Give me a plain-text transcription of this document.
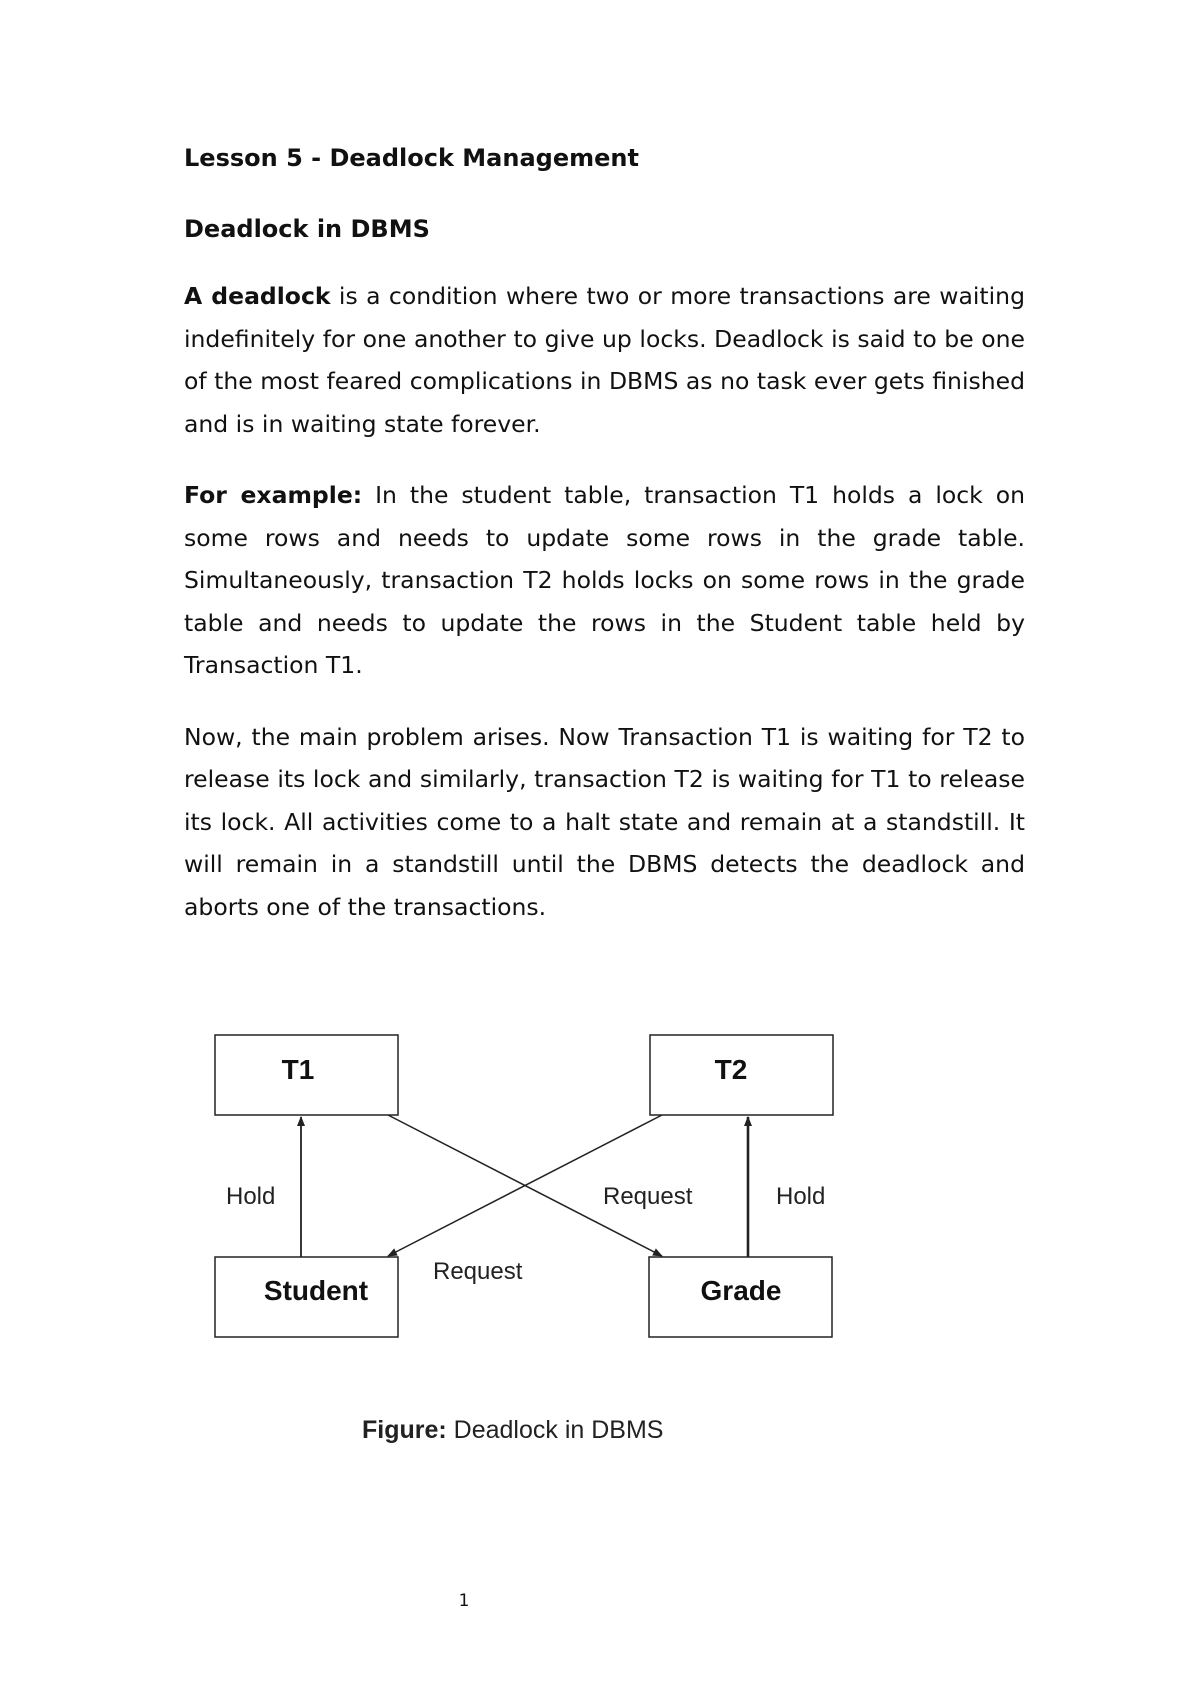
Lesson 5 - Deadlock Management
Deadlock in DBMS

A deadlock is a condition where two or more transactions are waiting indefinitely for one another to give up locks. Deadlock is said to be one of the most feared complications in DBMS as no task ever gets finished and is in waiting state forever.

For example: In the student table, transaction T1 holds a lock on some rows and needs to update some rows in the grade table. Simultaneously, transaction T2 holds locks on some rows in the grade table and needs to update the rows in the Student table held by Transaction T1.

Now, the main problem arises. Now Transaction T1 is waiting for T2 to release its lock and similarly, transaction T2 is waiting for T1 to release its lock. All activities come to a halt state and remain at a standstill. It will remain in a standstill until the DBMS detects the deadlock and aborts one of the transactions.

T1	T2
Student	Grade
Hold	Request	Hold
Request
Figure: Deadlock in DBMS
1
